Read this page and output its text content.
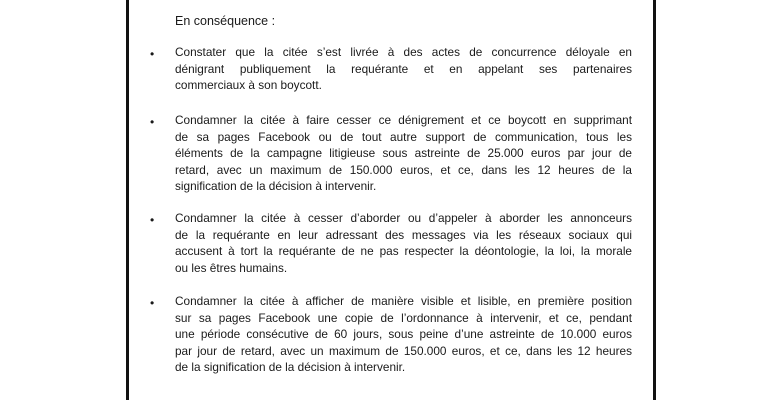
En conséquence :
• Constater que la citée s’est livrée à des actes de concurrence déloyale en
dénigrant publiquement la requérante et en appelant ses partenaires
commerciaux à son boycott.
• Condamner la citée à faire cesser ce dénigrement et ce boycott en supprimant
de sa pages Facebook ou de tout autre support de communication, tous les
éléments de la campagne litigieuse sous astreinte de 25.000 euros par jour de
retard, avec un maximum de 150.000 euros, et ce, dans les 12 heures de la
signification de la décision à intervenir.
• Condamner la citée à cesser d’aborder ou d’appeler à aborder les annonceurs
de la requérante en leur adressant des messages via les réseaux sociaux qui
accusent à tort la requérante de ne pas respecter la déontologie, la loi, la morale
ou les êtres humains.
• Condamner la citée à afficher de manière visible et lisible, en première position
sur sa pages Facebook une copie de l’ordonnance à intervenir, et ce, pendant
une période consécutive de 60 jours, sous peine d’une astreinte de 10.000 euros
par jour de retard, avec un maximum de 150.000 euros, et ce, dans les 12 heures
de la signification de la décision à intervenir.
